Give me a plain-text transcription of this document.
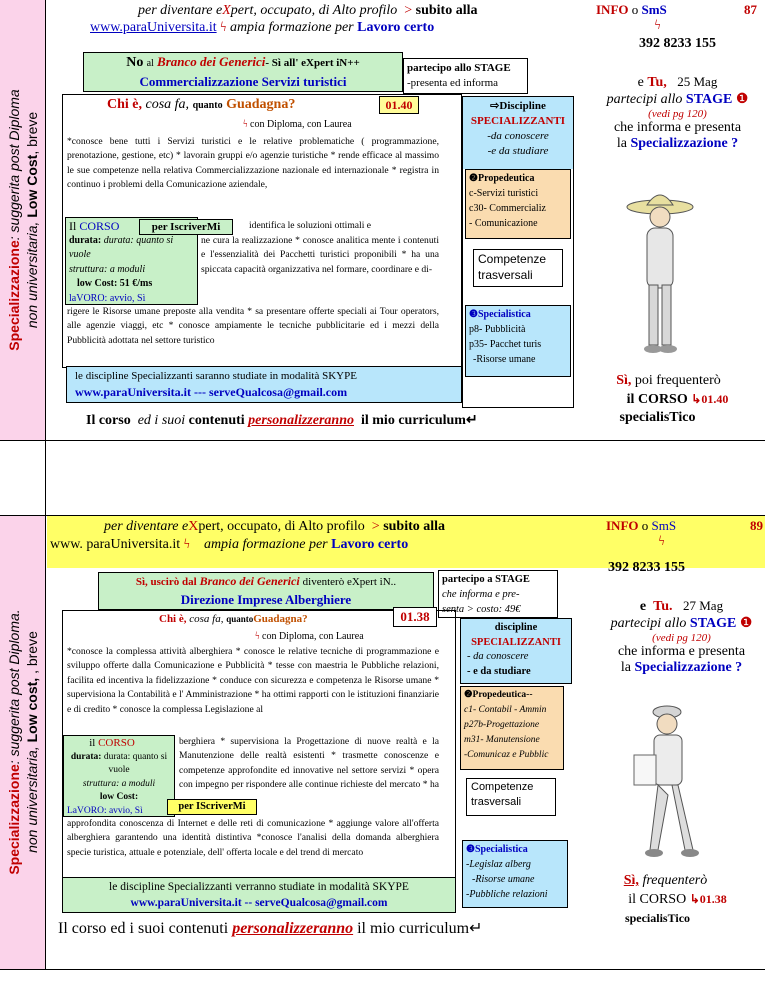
Specializzazione: suggerita post Diploma
non universitaria, Low Cost, breve
Specializzazione: suggerita post Diploma.
non universitaria, Low cost, , breve
per diventare eXpert, occupato, di Alto profilo > subito alla
www.paraUniversita.it ϟ ampia formazione per Lavoro certo
INFO o SmS	87
ϟ
392 8233 155
e Tu, 25 Mag
partecipi allo STAGE ❶
(vedi pg 120)
che informa e presenta
la Specializzazione ?
Sì, poi frequenterò
il CORSO ↳01.40
specialisTico
No al Branco dei Generici- Sì all' eXpert iN++
Commercializzazione Servizi turistici
partecipo allo STAGE
-presenta ed informa
Chi è, cosa fa, quanto Guadagna?	01.40
ϟ con Diploma, con Laurea
*conosce bene tutti i Servizi turistici e le relative problematiche ( programmazione, prenotazione, gestione, etc) * lavorain gruppi e/o agenzie turistiche * rende efficace al massimo le sue competenze nella relativa Commercializzazione nazionale ed internazionale * registra in continuo i problemi della Comunicazione aziendale,
Il CORSO
durata: durata: quanto si vuole
struttura: a moduli
low Cost: 51 €/ms
laVORO: avvio, Sì
per IscriverMi	identifica le soluzioni ottimali e
ne cura la realizzazione * conosce analitica mente i contenuti e l'essenzialità dei Pacchetti turistici proponibili * ha una spiccata capacità organizzativa nel formare, coordinare e di-
rigere le Risorse umane preposte alla vendita * sa presentare offerte speciali ai Tour operators, alle agenzie viaggi, etc * conosce ampiamente le tecniche pubblicitarie ed i mezzi della Pubblicità adottata nel settore turistico
le discipline Specializzanti saranno studiate in modalità SKYPE
www.paraUniversita.it --- serveQualcosa@gmail.com
⇨Discipline
SPECIALIZZANTI
-da conoscere
-e da studiare
❷Propedeutica
c-Servizi turistici
c30- Commercializ
- Comunicazione
Competenze trasversali
❸Specialistica
p8- Pubblicità
p35- Pacchet turis
-Risorse umane
Il corso ed i suoi contenuti personalizzeranno il mio curriculum↵
per diventare eXpert, occupato, di Alto profilo > subito alla
www. paraUniversita.it ϟ ampia formazione per Lavoro certo
INFO o SmS	89
ϟ
392 8233 155
e Tu. 27 Mag
partecipi allo STAGE ❶
(vedi pg 120)
che informa e presenta
la Specializzazione ?
Sì, frequenterò
il CORSO ↳01.38
specialisTico
Sì, uscirò dal Branco dei Generici diventerò eXpert iN..
Direzione Imprese Alberghiere
partecipo a STAGE
che informa e pre-
senta > costo: 49€
Chi è, cosa fa, quantoGuadagna?	01.38
ϟ con Diploma, con Laurea
*conosce la complessa attività alberghiera * conosce le relative tecniche di programmazione e sviluppo offerte dalla Comunicazione e Pubblicità * tesse con maestria le Pubbliche relazioni, facilita ed incentiva la fidelizzazione * conduce con sicurezza e competenza le Risorse umane * supervisiona la Contabilità e l' Amministrazione * ha ottimi rapporti con le istituzioni finanziarie e di credito * conosce la complessa Legislazione al
il CORSO
durata: durata: quanto si vuole
struttura: a moduli
low Cost:
LaVORO: avvio, Sì	per IScriverMi
berghiera * supervisiona la Progettazione di nuove realtà e la Manutenzione delle realtà esistenti * trasmette conoscenze e competenze approfondite ed innovative nel settore servizi * opera con impegno per rispondere alle continue richieste del mercato * ha
approfondita conoscenza di Internet e delle reti di comunicazione * aggiunge valore all'offerta alberghiera garantendo una identità distintiva *conosce l'analisi della domanda alberghiera specie turistica, attuale e potenziale, dell' offerta locale e del trend di mercato
le discipline Specializzanti verranno studiate in modalità SKYPE
www.paraUniversita.it -- serveQualcosa@gmail.com
discipline
SPECIALIZZANTI
- da conoscere
- e da studiare
❷Propedeutica--
c1- Contabil - Ammin
p27b-Progettazione
m31- Manutensione
-Comunicaz e Pubblic
Competenze trasversali
❸Specialistica
-Legislaz alberg
-Risorse umane
-Pubbliche relazioni
Il corso ed i suoi contenuti personalizzeranno il mio curriculum↵
